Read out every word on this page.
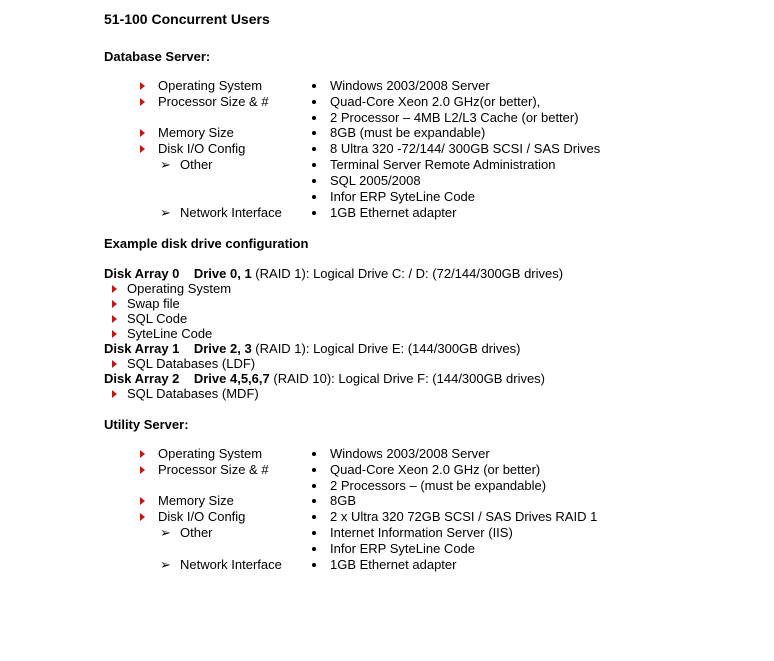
51-100 Concurrent Users
Database Server:
Operating System
Processor Size & #
Memory Size
Disk I/O Config
➢ Other
➢ Network Interface
Windows 2003/2008 Server
Quad-Core Xeon 2.0 GHz(or better),
2 Processor – 4MB L2/L3 Cache (or better)
8GB (must be expandable)
8 Ultra 320 -72/144/ 300GB SCSI / SAS Drives
Terminal Server Remote Administration
SQL 2005/2008
Infor ERP SyteLine Code
1GB Ethernet adapter
Example disk drive configuration
Disk Array 0 Drive 0, 1 (RAID 1): Logical Drive C: / D: (72/144/300GB drives)
Operating System
Swap file
SQL Code
SyteLine Code
Disk Array 1 Drive 2, 3 (RAID 1): Logical Drive E: (144/300GB drives)
SQL Databases (LDF)
Disk Array 2 Drive 4,5,6,7 (RAID 10): Logical Drive F: (144/300GB drives)
SQL Databases (MDF)
Utility Server:
Operating System
Processor Size & #
Memory Size
Disk I/O Config
➢ Other
➢ Network Interface
Windows 2003/2008 Server
Quad-Core Xeon 2.0 GHz (or better)
2 Processors – (must be expandable)
8GB
2 x Ultra 320 72GB SCSI / SAS Drives RAID 1
Internet Information Server (IIS)
Infor ERP SyteLine Code
1GB Ethernet adapter
